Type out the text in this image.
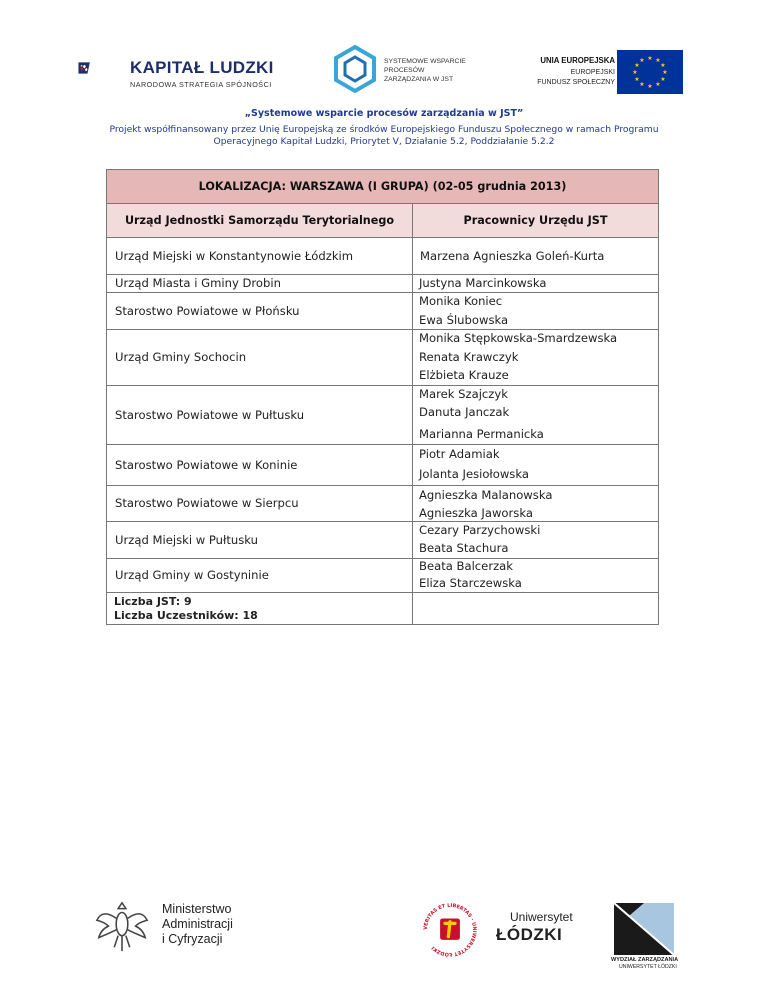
KAPITAŁ LUDZKI
NARODOWA STRATEGIA SPÓJNOŚCI
SYSTEMOWE WSPARCIE
PROCESÓW
ZARZĄDZANIA W JST
UNIA EUROPEJSKA
EUROPEJSKI
FUNDUSZ SPOŁECZNY
★ ★
★
★
★
★
★
★
★
★
★
★
„Systemowe wsparcie procesów zarządzania w JST”
Projekt współfinansowany przez Unię Europejską ze środków Europejskiego Funduszu Społecznego w ramach Programu Operacyjnego Kapitał Ludzki, Priorytet V, Działanie 5.2, Poddziałanie 5.2.2
LOKALIZACJA: WARSZAWA (I GRUPA) (02-05 grudnia 2013)
Urząd Jednostki Samorządu Terytorialnego	Pracownicy Urzędu JST
Urząd Miejski w Konstantynowie Łódzkim
Urząd Miasta i Gminy Drobin
Starostwo Powiatowe w Płońsku
Urząd Gminy Sochocin
Starostwo Powiatowe w Pułtusku
Starostwo Powiatowe w Koninie
Starostwo Powiatowe w Sierpcu
Urząd Miejski w Pułtusku
Urząd Gminy w Gostyninie
Marzena Agnieszka Goleń-Kurta
Justyna Marcinkowska
Monika Koniec
Ewa Ślubowska
Monika Stępkowska-Smardzewska
Renata Krawczyk
Elżbieta Krauze
Marek Szajczyk
Danuta Janczak
Marianna Permanicka
Piotr Adamiak
Jolanta Jesiołowska
Agnieszka Malanowska
Agnieszka Jaworska
Cezary Parzychowski
Beata Stachura
Beata Balcerzak
Eliza Starczewska
Liczba JST: 9
Liczba Uczestników: 18
Ministerstwo
Administracji
i Cyfryzacji
VERITAS ET LIBERTAS · UNIWERSYTET ŁÓDZKI
Uniwersytet
ŁÓDZKI
WYDZIAŁ ZARZĄDZANIA
UNIWERSYTET ŁÓDZKI
